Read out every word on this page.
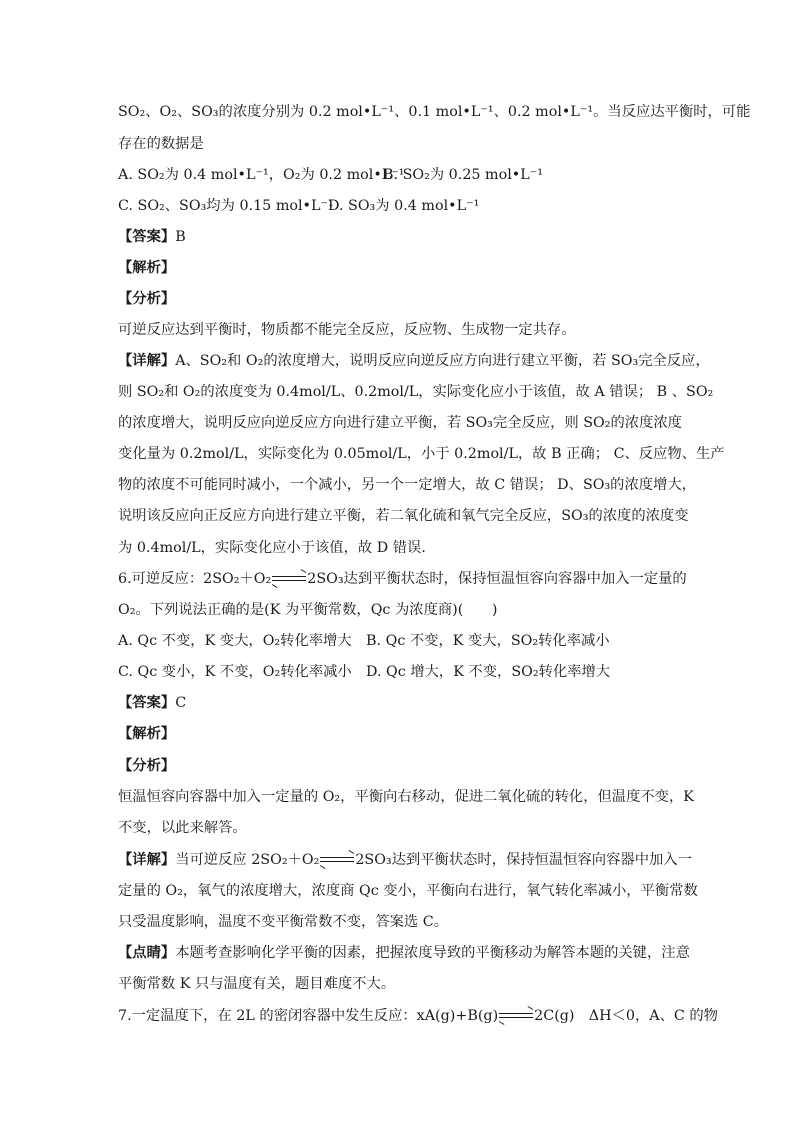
SO₂、O₂、SO₃的浓度分别为 0.2 mol•L⁻¹、0.1 mol•L⁻¹、0.2 mol•L⁻¹。当反应达平衡时，可能
存在的数据是
A. SO₂为 0.4 mol•L⁻¹，O₂为 0.2 mol•L⁻¹
B. SO₂为 0.25 mol•L⁻¹
C. SO₂、SO₃均为 0.15 mol•L⁻¹
D. SO₃为 0.4 mol•L⁻¹
【答案】B
【解析】
【分析】
可逆反应达到平衡时，物质都不能完全反应，反应物、生成物一定共存。
【详解】A、SO₂和 O₂的浓度增大，说明反应向逆反应方向进行建立平衡，若 SO₃完全反应，
则 SO₂和 O₂的浓度变为 0.4mol/L、0.2mol/L，实际变化应小于该值，故 A 错误； B 、SO₂
的浓度增大，说明反应向逆反应方向进行建立平衡，若 SO₃完全反应，则 SO₂的浓度浓度
变化量为 0.2mol/L，实际变化为 0.05mol/L，小于 0.2mol/L，故 B 正确； C、反应物、生产
物的浓度不可能同时减小，一个减小，另一个一定增大，故 C 错误； D、SO₃的浓度增大，
说明该反应向正反应方向进行建立平衡，若二氧化硫和氧气完全反应，SO₃的浓度的浓度变
为 0.4mol/L，实际变化应小于该值，故 D 错误．
6.可逆反应：2SO₂＋O₂	2SO₃达到平衡状态时，保持恒温恒容向容器中加入一定量的
O₂。下列说法正确的是(K 为平衡常数，Qc 为浓度商)(　　)
A. Qc 不变，K 变大，O₂转化率增大 B. Qc 不变，K 变大，SO₂转化率减小
C. Qc 变小，K 不变，O₂转化率减小 D. Qc 增大，K 不变，SO₂转化率增大
【答案】C
【解析】
【分析】
恒温恒容向容器中加入一定量的 O₂，平衡向右移动，促进二氧化硫的转化，但温度不变，K
不变，以此来解答。
【详解】当可逆反应 2SO₂＋O₂	2SO₃达到平衡状态时，保持恒温恒容向容器中加入一
定量的 O₂，氧气的浓度增大，浓度商 Qc 变小，平衡向右进行，氧气转化率减小，平衡常数
只受温度影响，温度不变平衡常数不变，答案选 C。
【点睛】本题考查影响化学平衡的因素，把握浓度导致的平衡移动为解答本题的关键，注意
平衡常数 K 只与温度有关，题目难度不大。
7.一定温度下，在 2L 的密闭容器中发生反应：xA(g)+B(g)	2C(g)　ΔH＜0，A、C 的物
